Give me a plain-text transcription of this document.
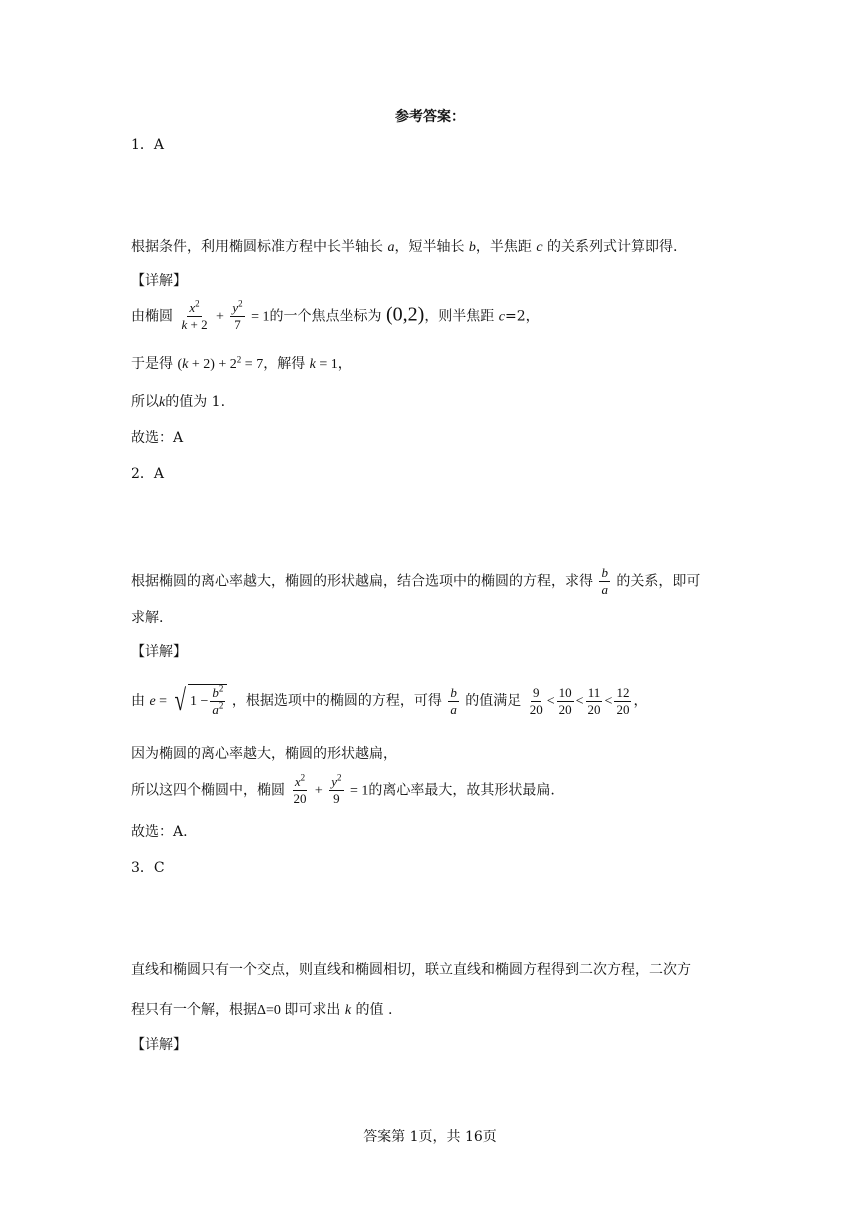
参考答案：
1．A
根据条件，利用椭圆标准方程中长半轴长 a，短半轴长 b，半焦距 c 的关系列式计算即得.
【详解】
由椭圆 $\frac{x^2}{k + 2} + \frac{y^2}{7} = 1$的一个焦点坐标为 (0,2)，则半焦距 c=2，
于是得 $(k + 2) + 2^2 = 7$，解得 k = 1，
所以k的值为 1.
故选：A
2．A
根据椭圆的离心率越大，椭圆的形状越扁，结合选项中的椭圆的方程，求得 $\frac{b}{a}$ 的关系，即可
求解.
【详解】
由 e = √ $1 - \frac{b^2}{a^2}$ ，根据选项中的椭圆的方程，可得 $\frac{b}{a}$ 的值满足 $\frac{9}{20} < \frac{10}{20} < \frac{11}{20} < \frac{12}{20}$ ，
因为椭圆的离心率越大，椭圆的形状越扁，
所以这四个椭圆中，椭圆 $\frac{x^2}{20} + \frac{y^2}{9} = 1$的离心率最大，故其形状最扁.
故选：A.
3．C
直线和椭圆只有一个交点，则直线和椭圆相切，联立直线和椭圆方程得到二次方程，二次方
程只有一个解，根据Δ=0 即可求出 k 的值 .
【详解】
答案第 1页，共 16页
